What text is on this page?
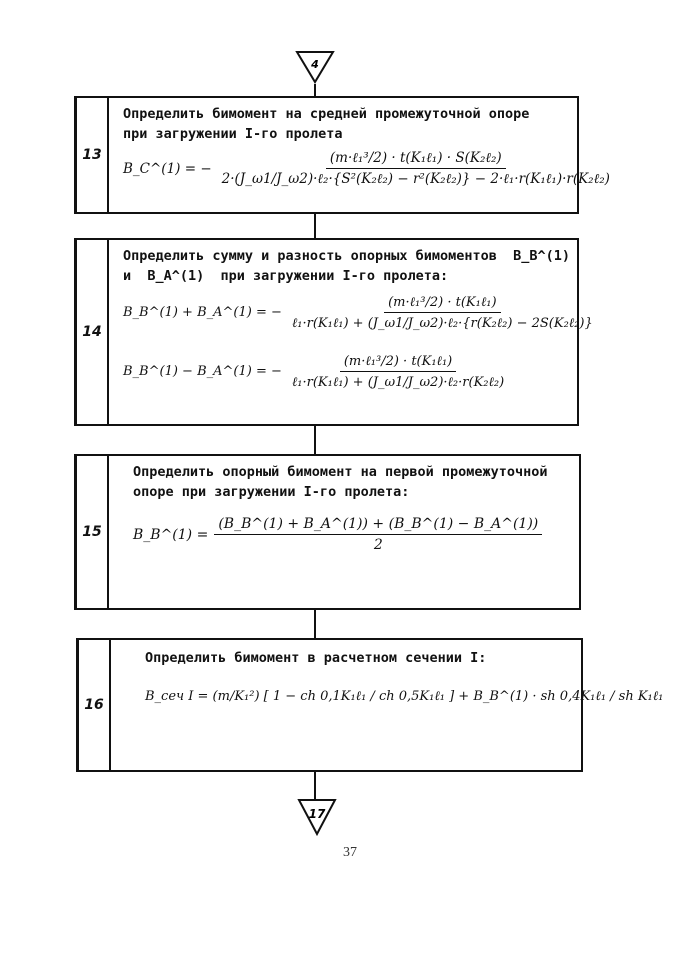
4
13
Определить бимомент на средней промежуточной опоре
при загружении I-го пролета
B_C^(1) = −
(m·ℓ₁³/2) · t(K₁ℓ₁) · S(K₂ℓ₂)
2·(J_ω1/J_ω2)·ℓ₂·{S²(K₂ℓ₂) − r²(K₂ℓ₂)} − 2·ℓ₁·r(K₁ℓ₁)·r(K₂ℓ₂)
14
Определить сумму и разность опорных бимоментов  B_B^(1)
и  B_A^(1)  при загружении I-го пролета:
B_B^(1) + B_A^(1) = − $\frac{\text{(m·ℓ₁³/2) · t(K₁ℓ₁)}}{\text{ℓ₁·r(K₁ℓ₁) + (J\_ω1/J\_ω2)·ℓ₂·\{r(K₂ℓ₂) − 2S(K₂ℓ₂)\}}}$
B_B^(1) − B_A^(1) = − $\frac{\text{(m·ℓ₁³/2) · t(K₁ℓ₁)}}{\text{ℓ₁·r(K₁ℓ₁) + (J\_ω1/J\_ω2)·ℓ₂·r(K₂ℓ₂)}}$
15
Определить опорный бимомент на первой промежуточной
опоре при загружении I-го пролета:
B_B^(1) = $\frac{(B\_B\^{}(1) + B\_A\^{}(1)) + (B\_B\^{}(1) - B\_A\^{}(1))}{2}$
16
Определить бимомент в расчетном сечении I:
B_сеч I = (m/K₁²) [ 1 − ch 0,1K₁ℓ₁ / ch 0,5K₁ℓ₁ ] + B_B^(1) · sh 0,4K₁ℓ₁ / sh K₁ℓ₁
17
37
